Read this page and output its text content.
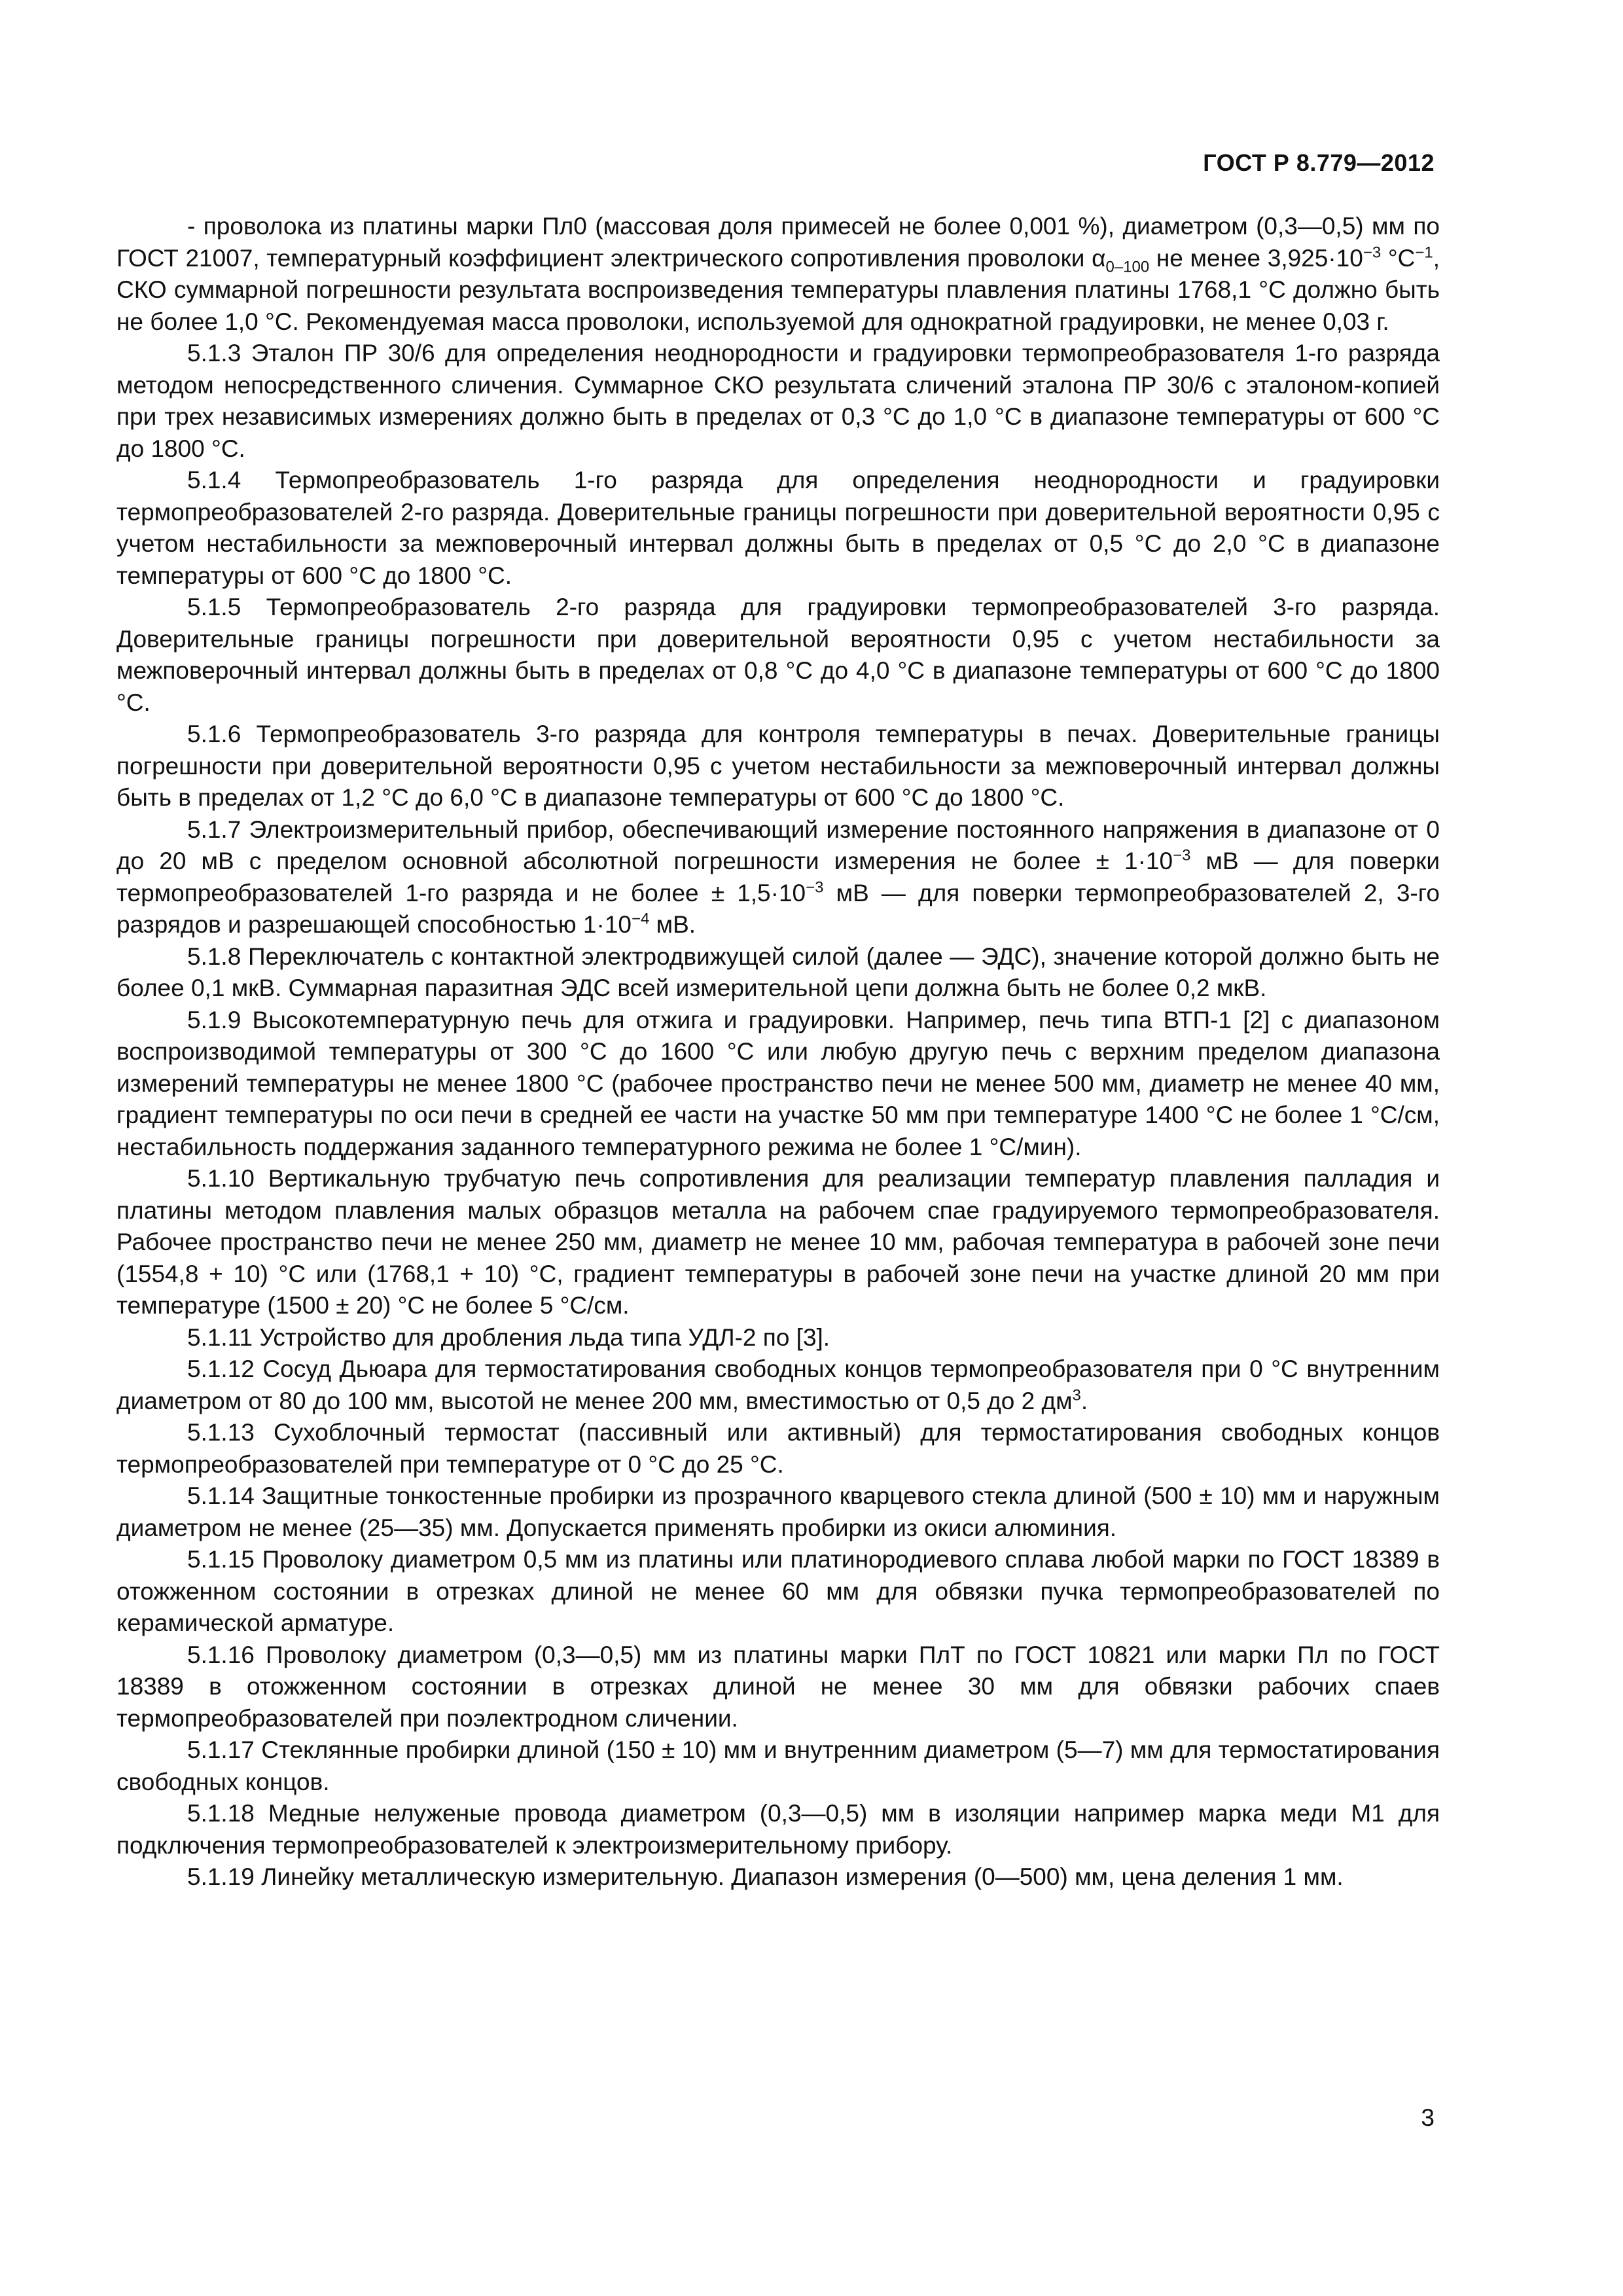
ГОСТ Р 8.779—2012

- проволока из платины марки Пл0 (массовая доля примесей не более 0,001 %), диаметром (0,3—0,5) мм по ГОСТ 21007, температурный коэффициент электрического сопротивления проволоки $\alpha_{0-100}$ не менее $3,925\cdot 10^{-3}$ $^\circ С^{-1}$, СКО суммарной погрешности результата воспроизведения температуры плавления платины 1768,1 °С должно быть не более 1,0 °С. Рекомендуемая масса проволоки, используемой для однократной градуировки, не менее 0,03 г.

5.1.3 Эталон ПР 30/6 для определения неоднородности и градуировки термопреобразователя 1-го разряда методом непосредственного сличения. Суммарное СКО результата сличений эталона ПР 30/6 с эталоном-копией при трех независимых измерениях должно быть в пределах от 0,3 °С до 1,0 °С в диапазоне температуры от 600 °С до 1800 °С.

5.1.4 Термопреобразователь 1-го разряда для определения неоднородности и градуировки термопреобразователей 2-го разряда. Доверительные границы погрешности при доверительной вероятности 0,95 с учетом нестабильности за межповерочный интервал должны быть в пределах от 0,5 °С до 2,0 °С в диапазоне температуры от 600 °С до 1800 °С.

5.1.5 Термопреобразователь 2-го разряда для градуировки термопреобразователей 3-го разряда. Доверительные границы погрешности при доверительной вероятности 0,95 с учетом нестабильности за межповерочный интервал должны быть в пределах от 0,8 °С до 4,0 °С в диапазоне температуры от 600 °С до 1800 °С.

5.1.6 Термопреобразователь 3-го разряда для контроля температуры в печах. Доверительные границы погрешности при доверительной вероятности 0,95 с учетом нестабильности за межповерочный интервал должны быть в пределах от 1,2 °С до 6,0 °С в диапазоне температуры от 600 °С до 1800 °С.

5.1.7 Электроизмерительный прибор, обеспечивающий измерение постоянного напряжения в диапазоне от 0 до 20 мВ с пределом основной абсолютной погрешности измерения не более ± $1\cdot 10^{-3}$ мВ — для поверки термопреобразователей 1-го разряда и не более ± $1,5\cdot 10^{-3}$ мВ — для поверки термопреобразователей 2, 3-го разрядов и разрешающей способностью $1\cdot 10^{-4}$ мВ.

5.1.8 Переключатель с контактной электродвижущей силой (далее — ЭДС), значение которой должно быть не более 0,1 мкВ. Суммарная паразитная ЭДС всей измерительной цепи должна быть не более 0,2 мкВ.

5.1.9 Высокотемпературную печь для отжига и градуировки. Например, печь типа ВТП-1 [2] с диапазоном воспроизводимой температуры от 300 °С до 1600 °С или любую другую печь с верхним пределом диапазона измерений температуры не менее 1800 °С (рабочее пространство печи не менее 500 мм, диаметр не менее 40 мм, градиент температуры по оси печи в средней ее части на участке 50 мм при температуре 1400 °С не более 1 °С/см, нестабильность поддержания заданного температурного режима не более 1 °С/мин).

5.1.10 Вертикальную трубчатую печь сопротивления для реализации температур плавления палладия и платины методом плавления малых образцов металла на рабочем спае градуируемого термопреобразователя. Рабочее пространство печи не менее 250 мм, диаметр не менее 10 мм, рабочая температура в рабочей зоне печи (1554,8 + 10) °С или (1768,1 + 10) °С, градиент температуры в рабочей зоне печи на участке длиной 20 мм при температуре (1500 ± 20) °С не более 5 °С/см.

5.1.11 Устройство для дробления льда типа УДЛ-2 по [3].

5.1.12 Сосуд Дьюара для термостатирования свободных концов термопреобразователя при 0 °С внутренним диаметром от 80 до 100 мм, высотой не менее 200 мм, вместимостью от 0,5 до 2 $дм^3$.

5.1.13 Сухоблочный термостат (пассивный или активный) для термостатирования свободных концов термопреобразователей при температуре от 0 °С до 25 °С.

5.1.14 Защитные тонкостенные пробирки из прозрачного кварцевого стекла длиной (500 ± 10) мм и наружным диаметром не менее (25—35) мм. Допускается применять пробирки из окиси алюминия.

5.1.15 Проволоку диаметром 0,5 мм из платины или платинородиевого сплава любой марки по ГОСТ 18389 в отожженном состоянии в отрезках длиной не менее 60 мм для обвязки пучка термопреобразователей по керамической арматуре.

5.1.16 Проволоку диаметром (0,3—0,5) мм из платины марки ПлТ по ГОСТ 10821 или марки Пл по ГОСТ 18389 в отожженном состоянии в отрезках длиной не менее 30 мм для обвязки рабочих спаев термопреобразователей при поэлектродном сличении.

5.1.17 Стеклянные пробирки длиной (150 ± 10) мм и внутренним диаметром (5—7) мм для термостатирования свободных концов.

5.1.18 Медные нелуженые провода диаметром (0,3—0,5) мм в изоляции например марка меди М1 для подключения термопреобразователей к электроизмерительному прибору.

5.1.19 Линейку металлическую измерительную. Диапазон измерения (0—500) мм, цена деления 1 мм.

3
